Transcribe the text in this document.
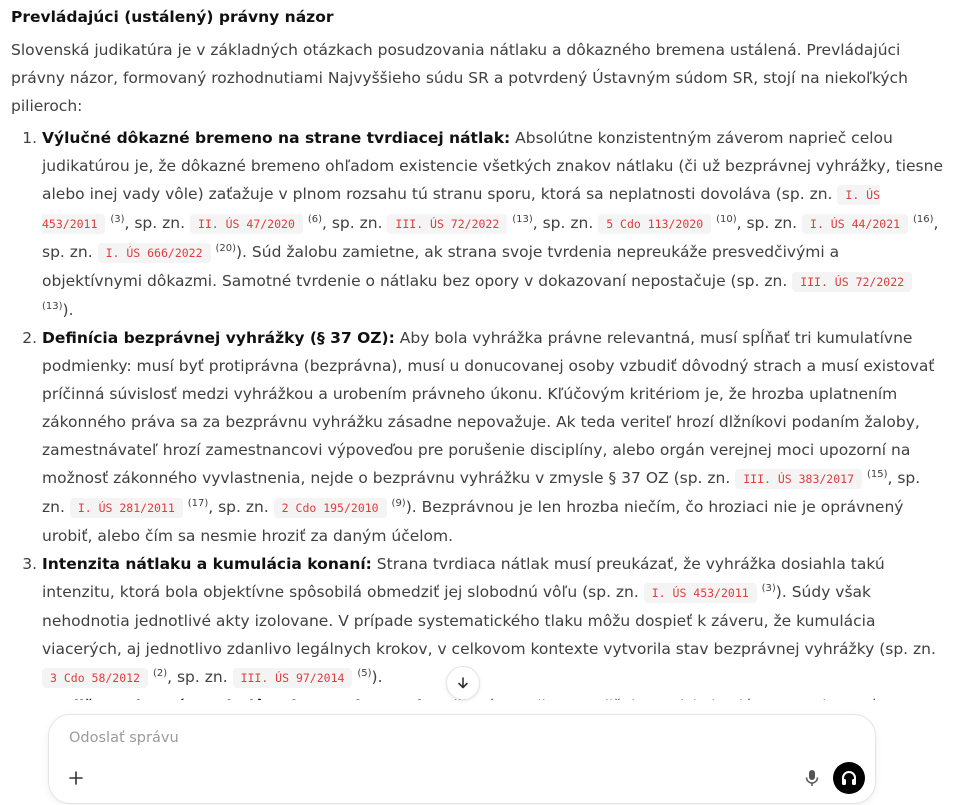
Prevládajúci (ustálený) právny názor

Slovenská judikatúra je v základných otázkach posudzovania nátlaku a dôkazného bremena ustálená. Prevládajúci právny názor, formovaný rozhodnutiami Najvyššieho súdu SR a potvrdený Ústavným súdom SR, stojí na niekoľkých pilieroch:

1. Výlučné dôkazné bremeno na strane tvrdiacej nátlak: Absolútne konzistentným záverom naprieč celou judikatúrou je, že dôkazné bremeno ohľadom existencie všetkých znakov nátlaku (či už bezprávnej vyhrážky, tiesne alebo inej vady vôle) zaťažuje v plnom rozsahu tú stranu sporu, ktorá sa neplatnosti dovoláva (sp. zn. I. ÚS 453/2011 $^{(3)}$, sp. zn. II. ÚS 47/2020 $^{(6)}$, sp. zn. III. ÚS 72/2022 $^{(13)}$, sp. zn. 5 Cdo 113/2020 $^{(10)}$, sp. zn. I. ÚS 44/2021 $^{(16)}$, sp. zn. I. ÚS 666/2022 $^{(20)}$). Súd žalobu zamietne, ak strana svoje tvrdenia nepreukáže presvedčivými a objektívnymi dôkazmi. Samotné tvrdenie o nátlaku bez opory v dokazovaní nepostačuje (sp. zn. III. ÚS 72/2022 $^{(13)}$).
2. Definícia bezprávnej vyhrážky (§ 37 OZ): Aby bola vyhrážka právne relevantná, musí spĺňať tri kumulatívne podmienky: musí byť protiprávna (bezprávna), musí u donucovanej osoby vzbudiť dôvodný strach a musí existovať príčinná súvislosť medzi vyhrážkou a urobením právneho úkonu. Kľúčovým kritériom je, že hrozba uplatnením zákonného práva sa za bezprávnu vyhrážku zásadne nepovažuje. Ak teda veriteľ hrozí dlžníkovi podaním žaloby, zamestnávateľ hrozí zamestnancovi výpoveďou pre porušenie disciplíny, alebo orgán verejnej moci upozorní na možnosť zákonného vyvlastnenia, nejde o bezprávnu vyhrážku v zmysle § 37 OZ (sp. zn. III. ÚS 383/2017 $^{(15)}$, sp. zn. I. ÚS 281/2011 $^{(17)}$, sp. zn. 2 Cdo 195/2010 $^{(9)}$). Bezprávnou je len hrozba niečím, čo hroziaci nie je oprávnený urobiť, alebo čím sa nesmie hroziť za daným účelom.
3. Intenzita nátlaku a kumulácia konaní: Strana tvrdiaca nátlak musí preukázať, že vyhrážka dosiahla takú intenzitu, ktorá bola objektívne spôsobilá obmedziť jej slobodnú vôľu (sp. zn. I. ÚS 453/2011 $^{(3)}$). Súdy však nehodnotia jednotlivé akty izolovane. V prípade systematického tlaku môžu dospieť k záveru, že kumulácia viacerých, aj jednotlivo zdanlivo legálnych krokov, v celkovom kontexte vytvorila stav bezprávnej vyhrážky (sp. zn. 3 Cdo 58/2012 $^{(2)}$, sp. zn. III. ÚS 97/2014 $^{(5)}$).
4.
Odoslať správu
